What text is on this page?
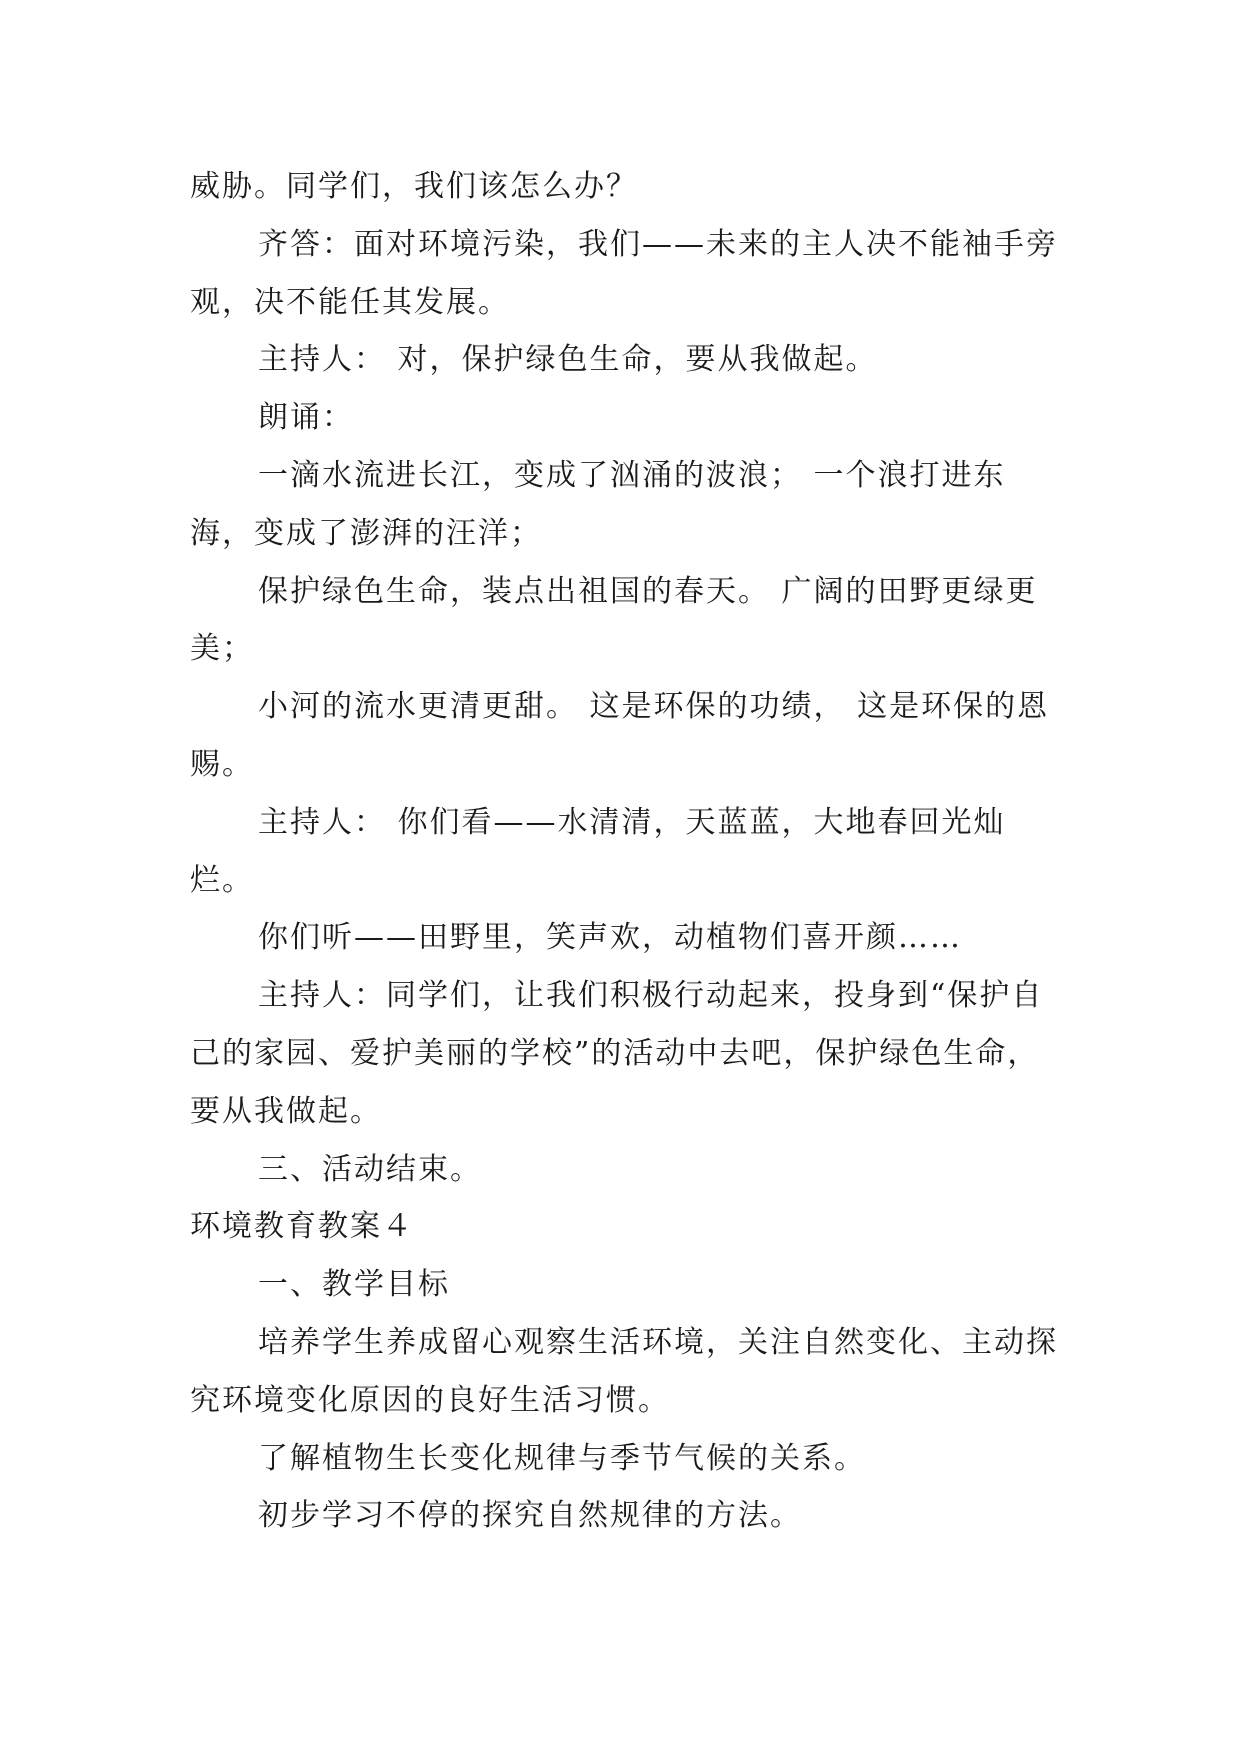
威胁。同学们，我们该怎么办？

齐答：面对环境污染，我们——未来的主人决不能袖手旁观，决不能任其发展。

主持人： 对，保护绿色生命，要从我做起。

朗诵：

一滴水流进长江，变成了汹涌的波浪； 一个浪打进东海，变成了澎湃的汪洋；

保护绿色生命，装点出祖国的春天。 广阔的田野更绿更美；

小河的流水更清更甜。 这是环保的功绩， 这是环保的恩赐。

主持人： 你们看——水清清，天蓝蓝，大地春回光灿烂。

你们听——田野里，笑声欢，动植物们喜开颜……

主持人：同学们，让我们积极行动起来，投身到“保护自己的家园、爱护美丽的学校”的活动中去吧，保护绿色生命，要从我做起。

三、活动结束。

环境教育教案４

一、教学目标

培养学生养成留心观察生活环境，关注自然变化、主动探究环境变化原因的良好生活习惯。

了解植物生长变化规律与季节气候的关系。

初步学习不停的探究自然规律的方法。
